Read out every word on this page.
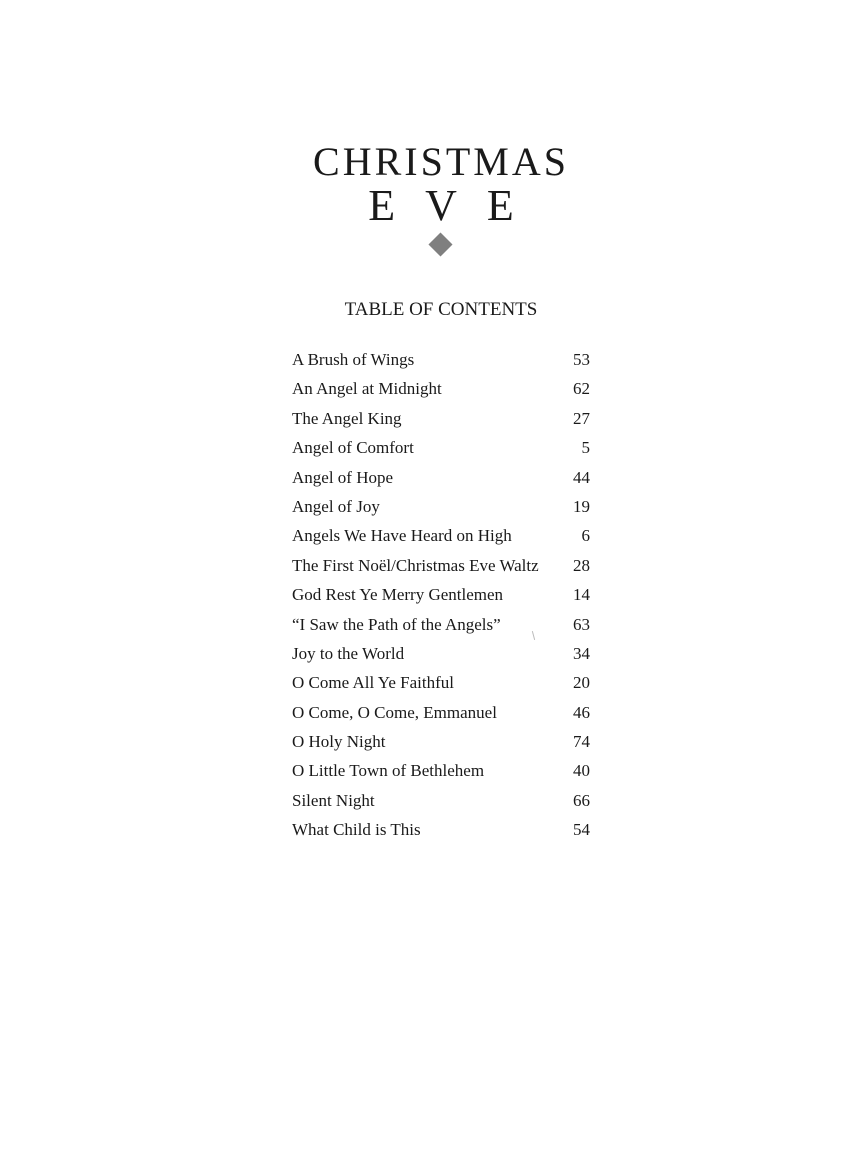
CHRISTMAS
EVE
TABLE OF CONTENTS
A Brush of Wings	53
An Angel at Midnight	62
The Angel King	27
Angel of Comfort	5
Angel of Hope	44
Angel of Joy	19
Angels We Have Heard on High	6
The First Noël/Christmas Eve Waltz	28
God Rest Ye Merry Gentlemen	14
“I Saw the Path of the Angels”	63
Joy to the World	34
O Come All Ye Faithful	20
O Come, O Come, Emmanuel	46
O Holy Night	74
O Little Town of Bethlehem	40
Silent Night	66
What Child is This	54
